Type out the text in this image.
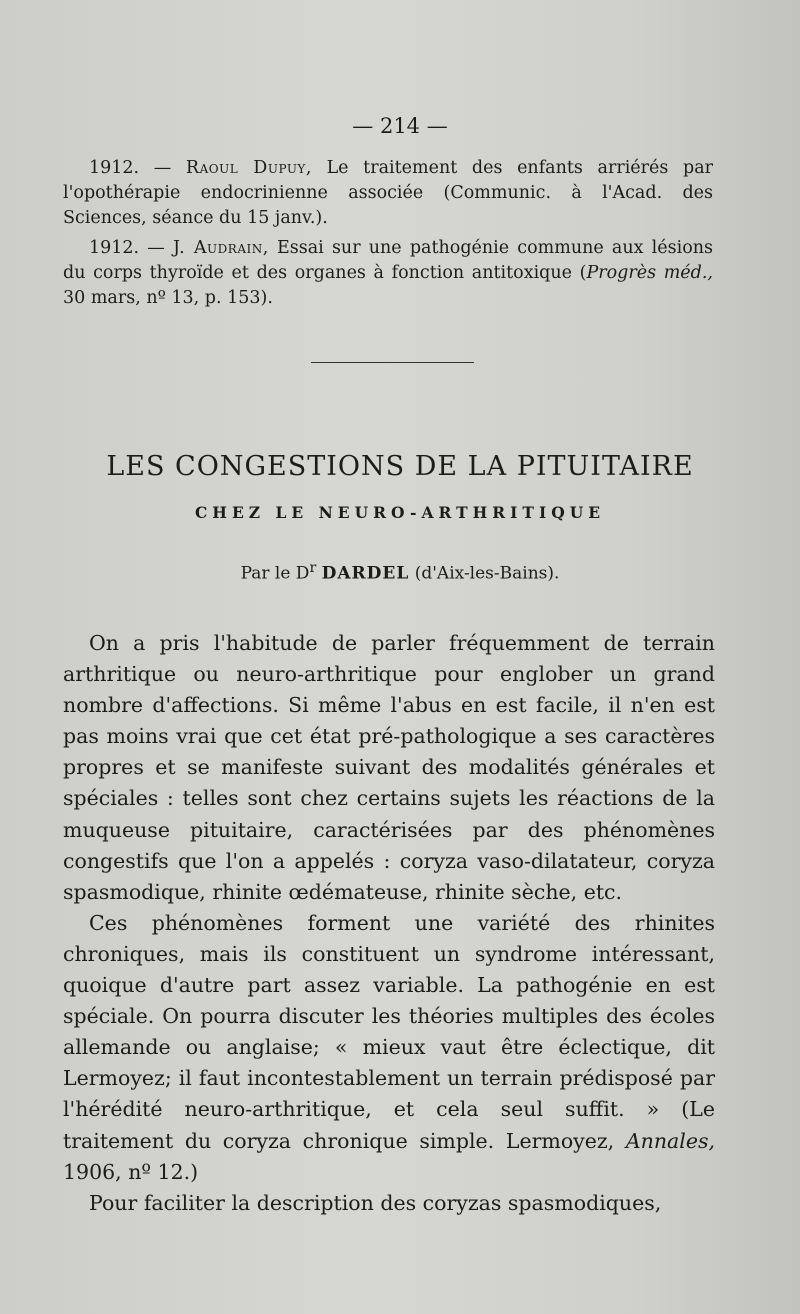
— 214 —
1912. — Raoul Dupuy, Le traitement des enfants arriérés par l'opothérapie endocrinienne associée (Communic. à l'Acad. des Sciences, séance du 15 janv.).
1912. — J. Audrain, Essai sur une pathogénie commune aux lésions du corps thyroïde et des organes à fonction antitoxique (Progrès méd., 30 mars, nº 13, p. 153).
LES CONGESTIONS DE LA PITUITAIRE
CHEZ LE NEURO-ARTHRITIQUE
Par le $D^r$ DARDEL (d'Aix-les-Bains).

On a pris l'habitude de parler fréquemment de terrain arthritique ou neuro-arthritique pour englober un grand nombre d'affections. Si même l'abus en est facile, il n'en est pas moins vrai que cet état pré-pathologique a ses caractères propres et se manifeste suivant des modalités générales et spéciales : telles sont chez certains sujets les réactions de la muqueuse pituitaire, caractérisées par des phénomènes congestifs que l'on a appelés : coryza vaso-dilatateur, coryza spasmodique, rhinite œdémateuse, rhinite sèche, etc.

Ces phénomènes forment une variété des rhinites chroniques, mais ils constituent un syndrome intéressant, quoique d'autre part assez variable. La pathogénie en est spéciale. On pourra discuter les théories multiples des écoles allemande ou anglaise; « mieux vaut être éclectique, dit Lermoyez; il faut incontestablement un terrain prédisposé par l'hérédité neuro-arthritique, et cela seul suffit. » (Le traitement du coryza chronique simple. Lermoyez, Annales, 1906, nº 12.)

Pour faciliter la description des coryzas spasmodiques,
